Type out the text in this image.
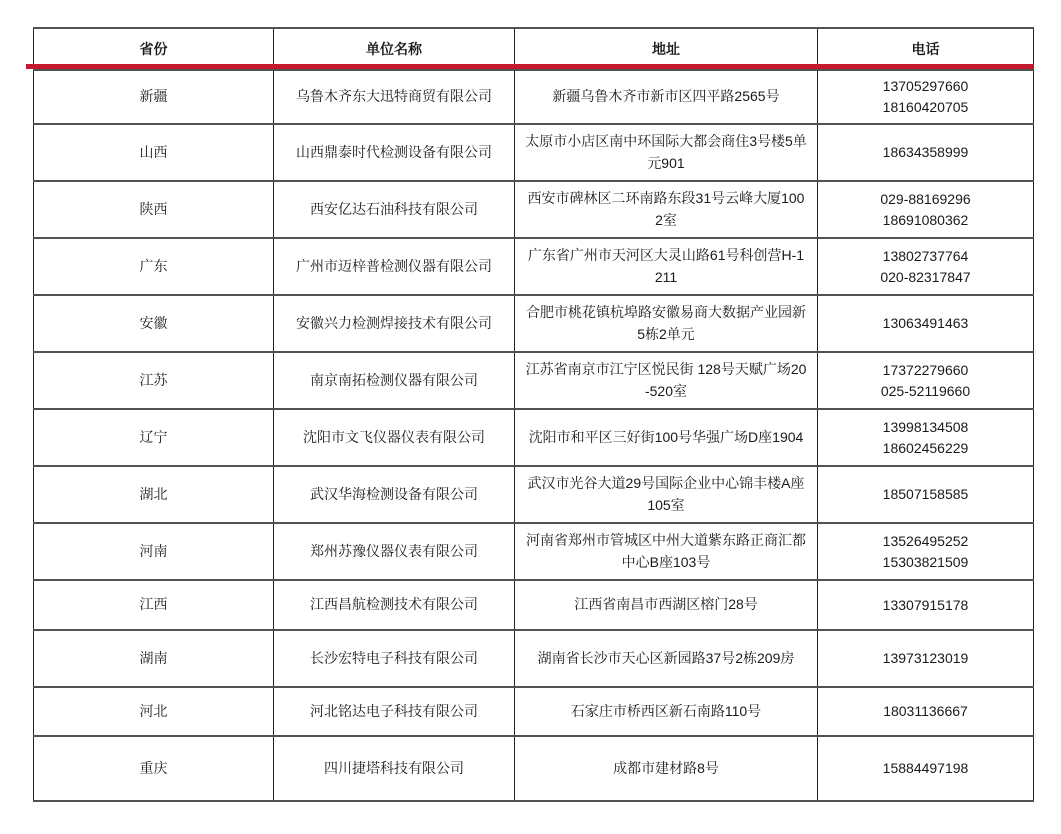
省份	单位名称	地址	电话
新疆	乌鲁木齐东大迅特商贸有限公司	新疆乌鲁木齐市新市区四平路2565号	13705297660
18160420705

山西	山西鼎泰时代检测设备有限公司	太原市小店区南中环国际大都会商住3号楼5单元901	18634358999

陕西	西安亿达石油科技有限公司	西安市碑林区二环南路东段31号云峰大厦1002室	029-88169296
18691080362

广东	广州市迈梓普检测仪器有限公司	广东省广州市天河区大灵山路61号科创营H-1211	13802737764
020-82317847

安徽	安徽兴力检测焊接技术有限公司	合肥市桃花镇杭埠路安徽易商大数据产业园新5栋2单元	13063491463

江苏	南京南拓检测仪器有限公司	江苏省南京市江宁区悦民街 128号天赋广场20-520室	17372279660
025-52119660

辽宁	沈阳市文飞仪器仪表有限公司	沈阳市和平区三好街100号华强广场D座1904	13998134508
18602456229

湖北	武汉华海检测设备有限公司	武汉市光谷大道29号国际企业中心锦丰楼A座105室	18507158585

河南	郑州苏豫仪器仪表有限公司	河南省郑州市管城区中州大道紫东路正商汇都中心B座103号	13526495252
15303821509

江西	江西昌航检测技术有限公司	江西省南昌市西湖区榕门28号	13307915178

湖南	长沙宏特电子科技有限公司	湖南省长沙市天心区新园路37号2栋209房	13973123019

河北	河北铭达电子科技有限公司	石家庄市桥西区新石南路110号	18031136667

重庆	四川捷塔科技有限公司	成都市建材路8号	15884497198
